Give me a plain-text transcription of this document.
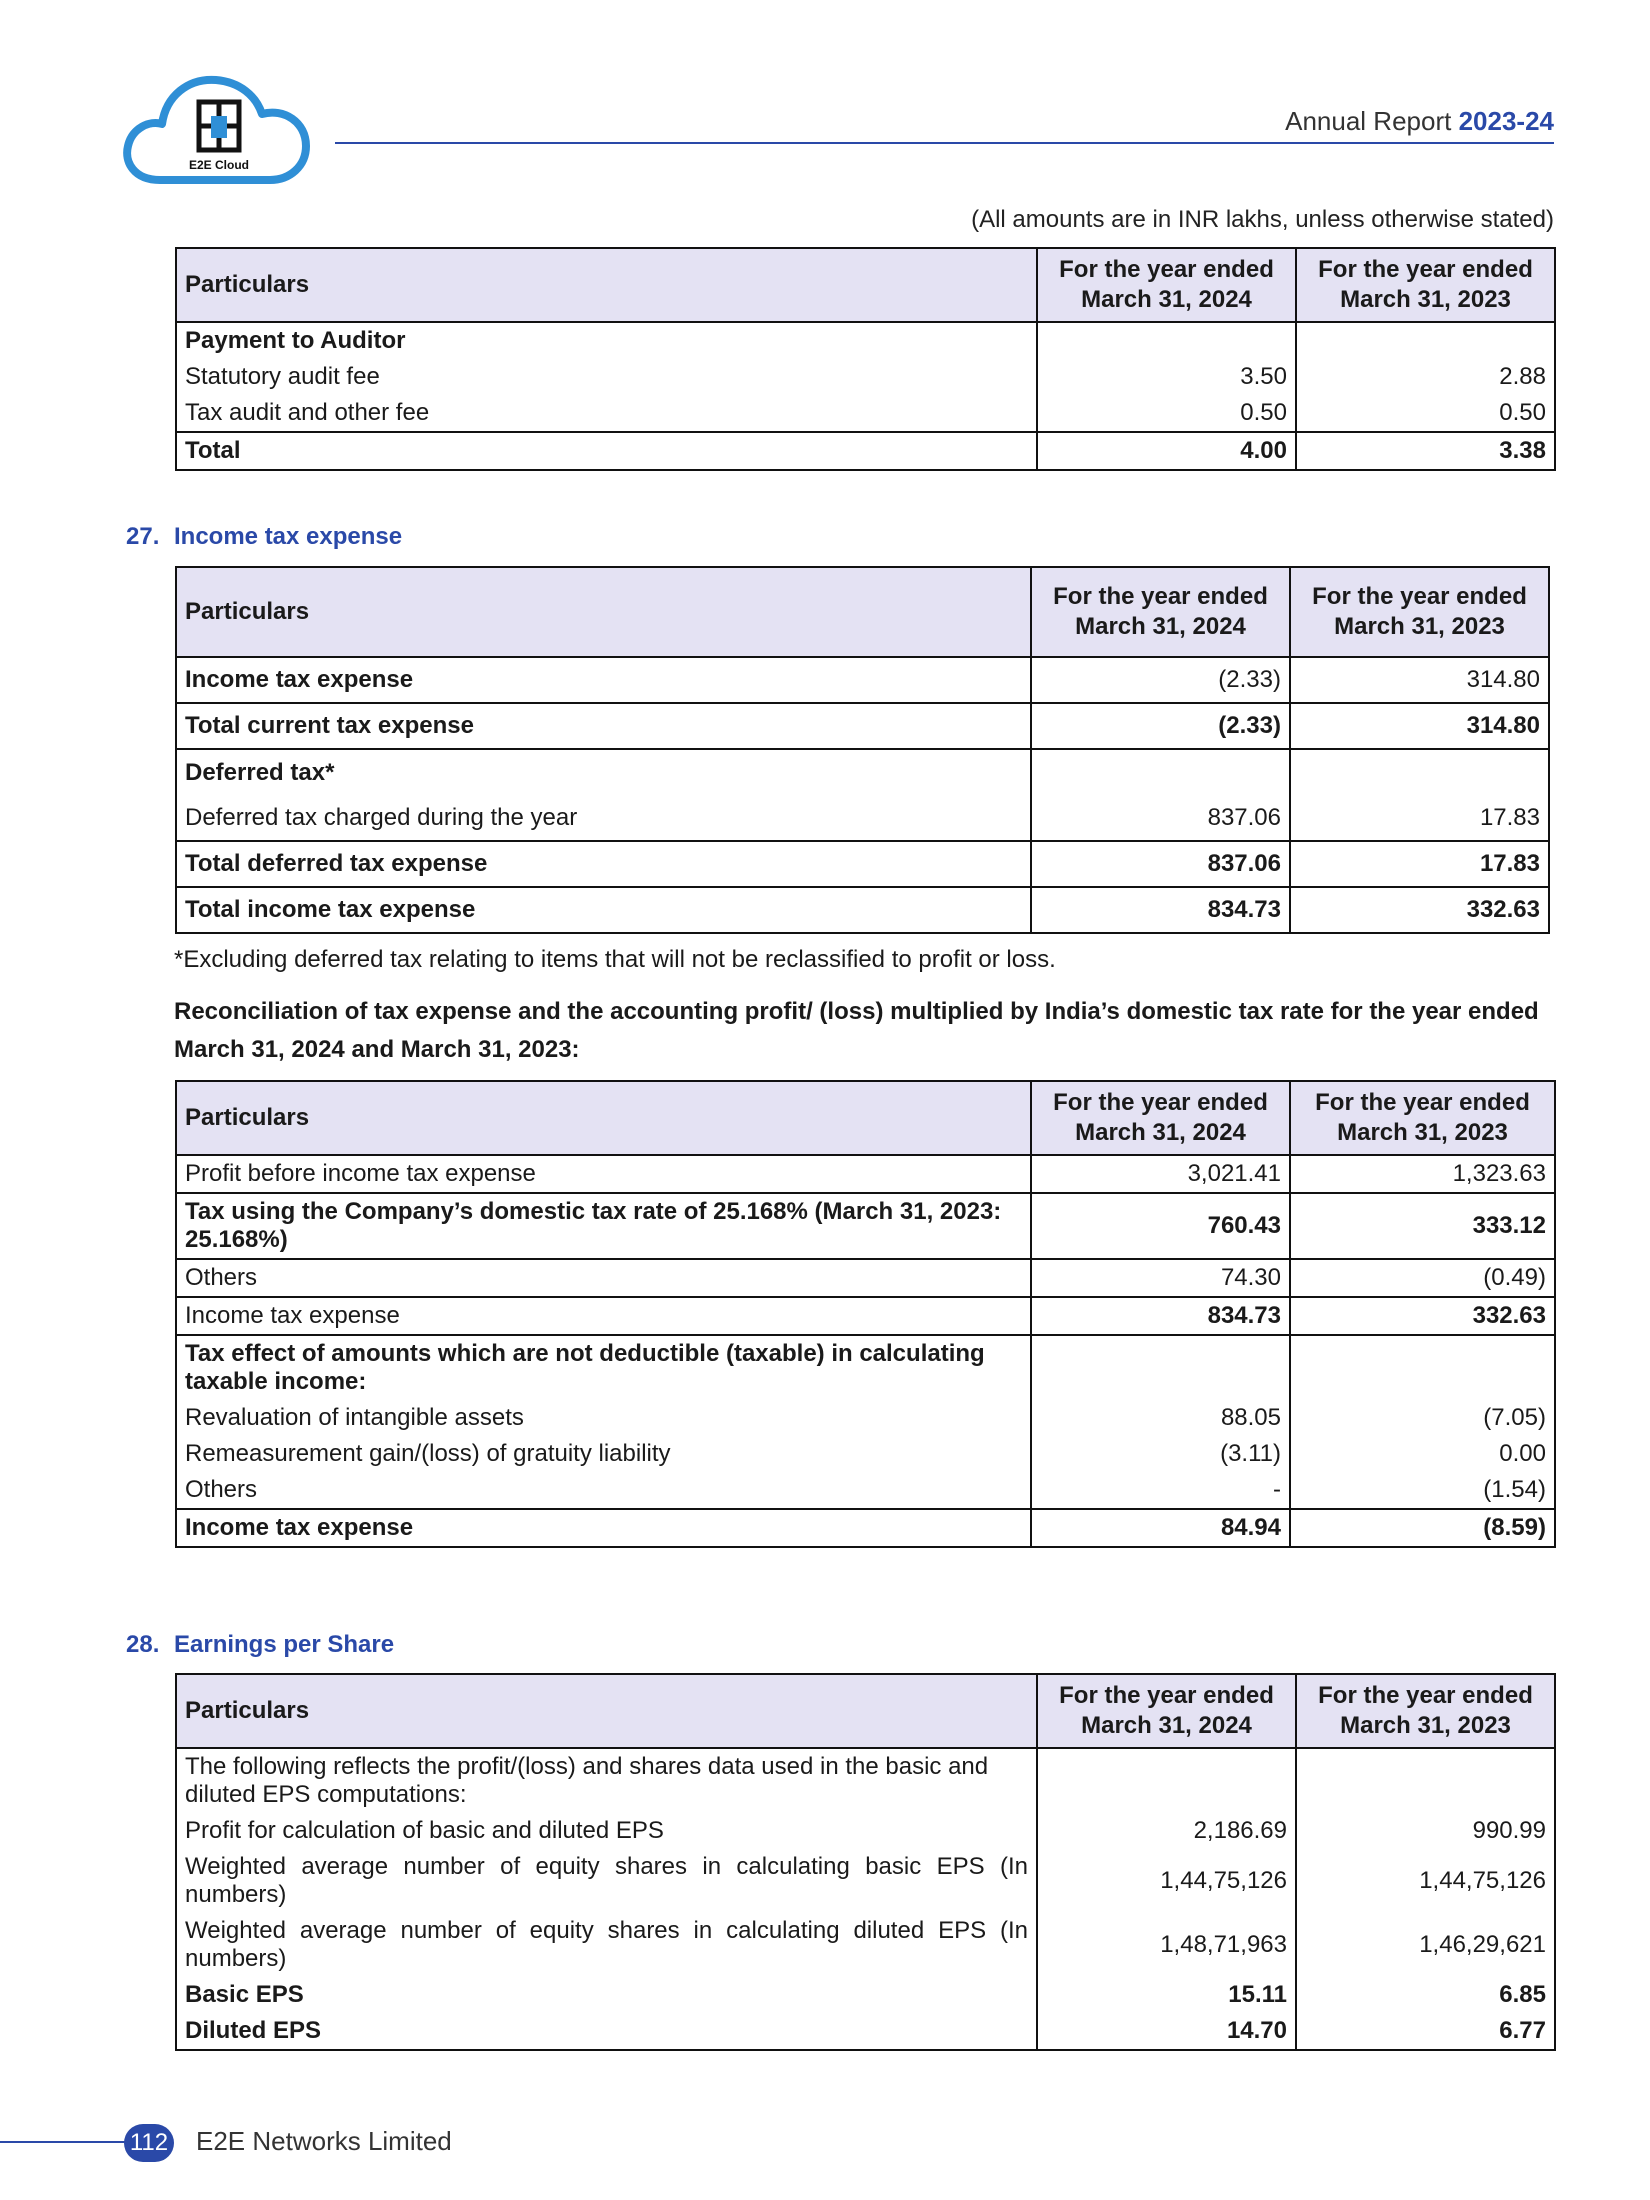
E2E Cloud
Annual Report 2023-24
(All amounts are in INR lakhs, unless otherwise stated)
Particulars	For the year ended March 31, 2024	For the year ended March 31, 2023
Payment to Auditor		
Statutory audit fee	3.50	2.88
Tax audit and other fee	0.50	0.50
Total	4.00	3.38
27. Income tax expense
Particulars	For the year ended March 31, 2024	For the year ended March 31, 2023
Income tax expense	(2.33)	314.80
Total current tax expense	(2.33)	314.80
Deferred tax*		
Deferred tax charged during the year	837.06	17.83
Total deferred tax expense	837.06	17.83
Total income tax expense	834.73	332.63
*Excluding deferred tax relating to items that will not be reclassified to profit or loss.
Reconciliation of tax expense and the accounting profit/ (loss) multiplied by India’s domestic tax rate for the year ended March 31, 2024 and March 31, 2023:
Particulars	For the year ended March 31, 2024	For the year ended March 31, 2023
Profit before income tax expense	3,021.41	1,323.63
Tax using the Company’s domestic tax rate of 25.168% (March 31, 2023: 25.168%)	760.43	333.12
Others	74.30	(0.49)
Income tax expense	834.73	332.63
Tax effect of amounts which are not deductible (taxable) in calculating taxable income:		
Revaluation of intangible assets	88.05	(7.05)
Remeasurement gain/(loss) of gratuity liability	(3.11)	0.00
Others	-	(1.54)
Income tax expense	84.94	(8.59)
28. Earnings per Share
Particulars	For the year ended March 31, 2024	For the year ended March 31, 2023
The following reflects the profit/(loss) and shares data used in the basic and diluted EPS computations:		
Profit for calculation of basic and diluted EPS	2,186.69	990.99
Weighted average number of equity shares in calculating basic EPS (In numbers)	1,44,75,126	1,44,75,126
Weighted average number of equity shares in calculating diluted EPS (In numbers)	1,48,71,963	1,46,29,621
Basic EPS	15.11	6.85
Diluted EPS	14.70	6.77
112 E2E Networks Limited
